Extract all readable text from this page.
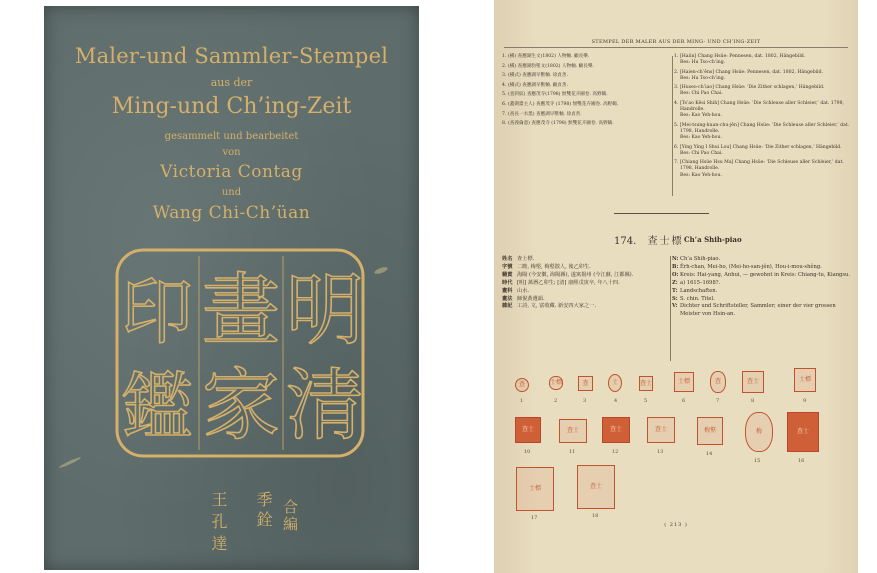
Maler-und Sammler-Stempel
aus der
Ming-und Ch’ing-Zeit
gesammelt und bearbeitet
von
Victoria Contag
und
Wang Chi-Ch’üan
明
清
畫
家
印
鑑
合編
季銓
王孔達
STEMPEL DER MALER AUS DER MING- UND CH’ING-ZEIT
1. (橫) 查應湖生文(1802) 人物軸. 顧長樂.
2. (橫) 查應湖豹聖文(1802) 人物軸. 顧長樂.
3. (橫式) 查應湖早獸軸. 徐貞善.
4. (橫式) 查應湖早獸軸. 顧貞善.
5. (査斜紋) 查應茂寺(1798) 無雙花卉圖卷. 高野鶴.
6. (蓋劍齋主人) 查應茂寺 (1798) 無雙花卉圖卷. 高野鶴.
7. (查長一水墨) 查應湖早獸軸. 徐貞善.
8. (查義倫意) 查應茂寺 (1798) 無雙花卉圖卷. 高野鶴.
1. [Haiin] Chang Hsüe: Pennesen, dat. 1802, Hängebild.
Bes: Hu Tso-ch’ing.
2. [Haien-ch’êns] Chang Hsüe: Pennesen, dat. 1802, Hängebild.
Bes: Hu Tso-ch’ing.
3. [Huseo-ch’iao] Chang Hsüe: ‘Die Zither schlagen,’ Hängebild.
Bes: Chi Pao Chai.
4. [Ts’ao Kêsi Shih] Chang Hsüe: ‘Die Schleuse aller Schleier,’ dat. 1798, Handrolle.
Bes: Kao Yeh-hou.
5. [Mei-tsung-kuan-chu-jên] Chang Hsüe: ‘Die Schleuse aller Schleier,’ dat. 1798, Handrolle.
Bes: Kao Yeh-hou.
6. [Ying Ying I Shui Lou] Chang Hsüe: ‘Die Zither schlagen,’ Hängebild.
Bes: Chi Pao Chai.
7. [Chiang Hsüe Hsu Ma] Chang Hsüe: ‘Die Schleuse aller Schleier,’ dat. 1798, Handrolle.
Bes: Kao Yeh-hou.
174. 查士標 Ch’a Shih-piao
姓名 查士標.
字號 二瞻, 梅壑, 梅壑散人, 後乙卯生.
籍貫 海陽 (今安徽, 海陽縣), 遂寓揚州 (今江蘇, 江都縣).
時代 [明] 萬曆乙卯生; [清] 康熙戊寅卒, 年八十四.
畫科 山水.
畫法 師倪黃遺韻.
雜記 工詩, 文, 富收藏. 新安四大家之一.
N: Ch’a Shih-piao.
B: Êrh-chan, Mei-ho, (Mei-ho-san-jên), Hou-i-mou-shêng.
O: Kreis: Hai-yang, Anhui, — gewohnt in Kreis: Chiang-tu, Kiangsu.
Z: a) 1615–1698?.
T: Landschaften.
S: S. chin. Titel.
V: Dichter und Schriftsteller, Sammler; einer der vier grossen Meister von Hsin-an.
查
1
士標
2
查
3
士
4
查士
5
士標
6
查
7
查士
8
士標
9
查士
10
查士
11
查士
12
查士
13
梅壑
14
梅
15
查士
16
士標
17
查士
18
( 213 )
